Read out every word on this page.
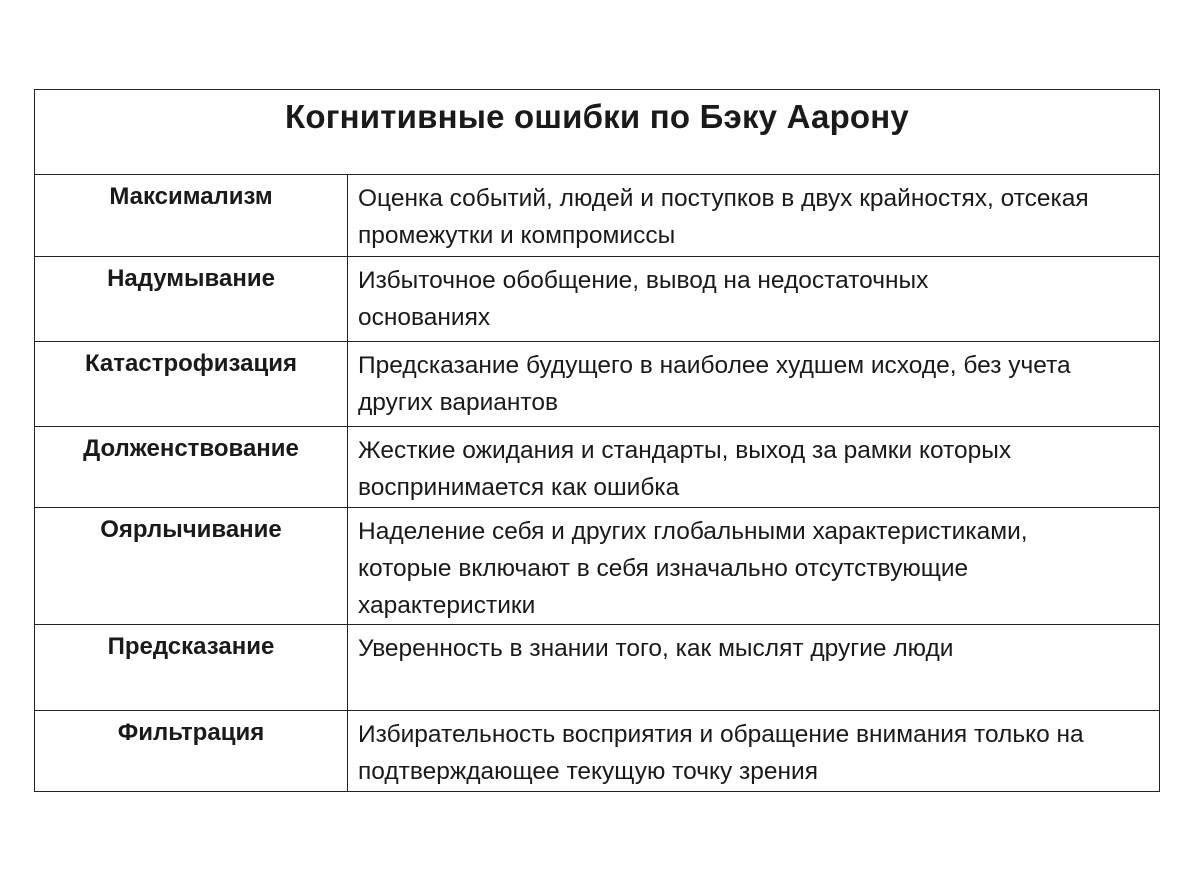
Когнитивные ошибки по Бэку Аарону	

Максимализм	Оценка событий, людей и поступков в двух крайностях, отсекая промежутки и компромиссы

Надумывание	Избыточное обобщение, вывод на недостаточных основаниях

Катастрофизация	Предсказание будущего в наиболее худшем исходе, без учета других вариантов

Долженствование	Жесткие ожидания и стандарты, выход за рамки которых воспринимается как ошибка

Оярлычивание	Наделение себя и других глобальными характеристиками, которые включают в себя изначально отсутствующие характеристики

Предсказание	Уверенность в знании того, как мыслят другие люди

Фильтрация	Избирательность восприятия и обращение внимания только на подтверждающее текущую точку зрения
